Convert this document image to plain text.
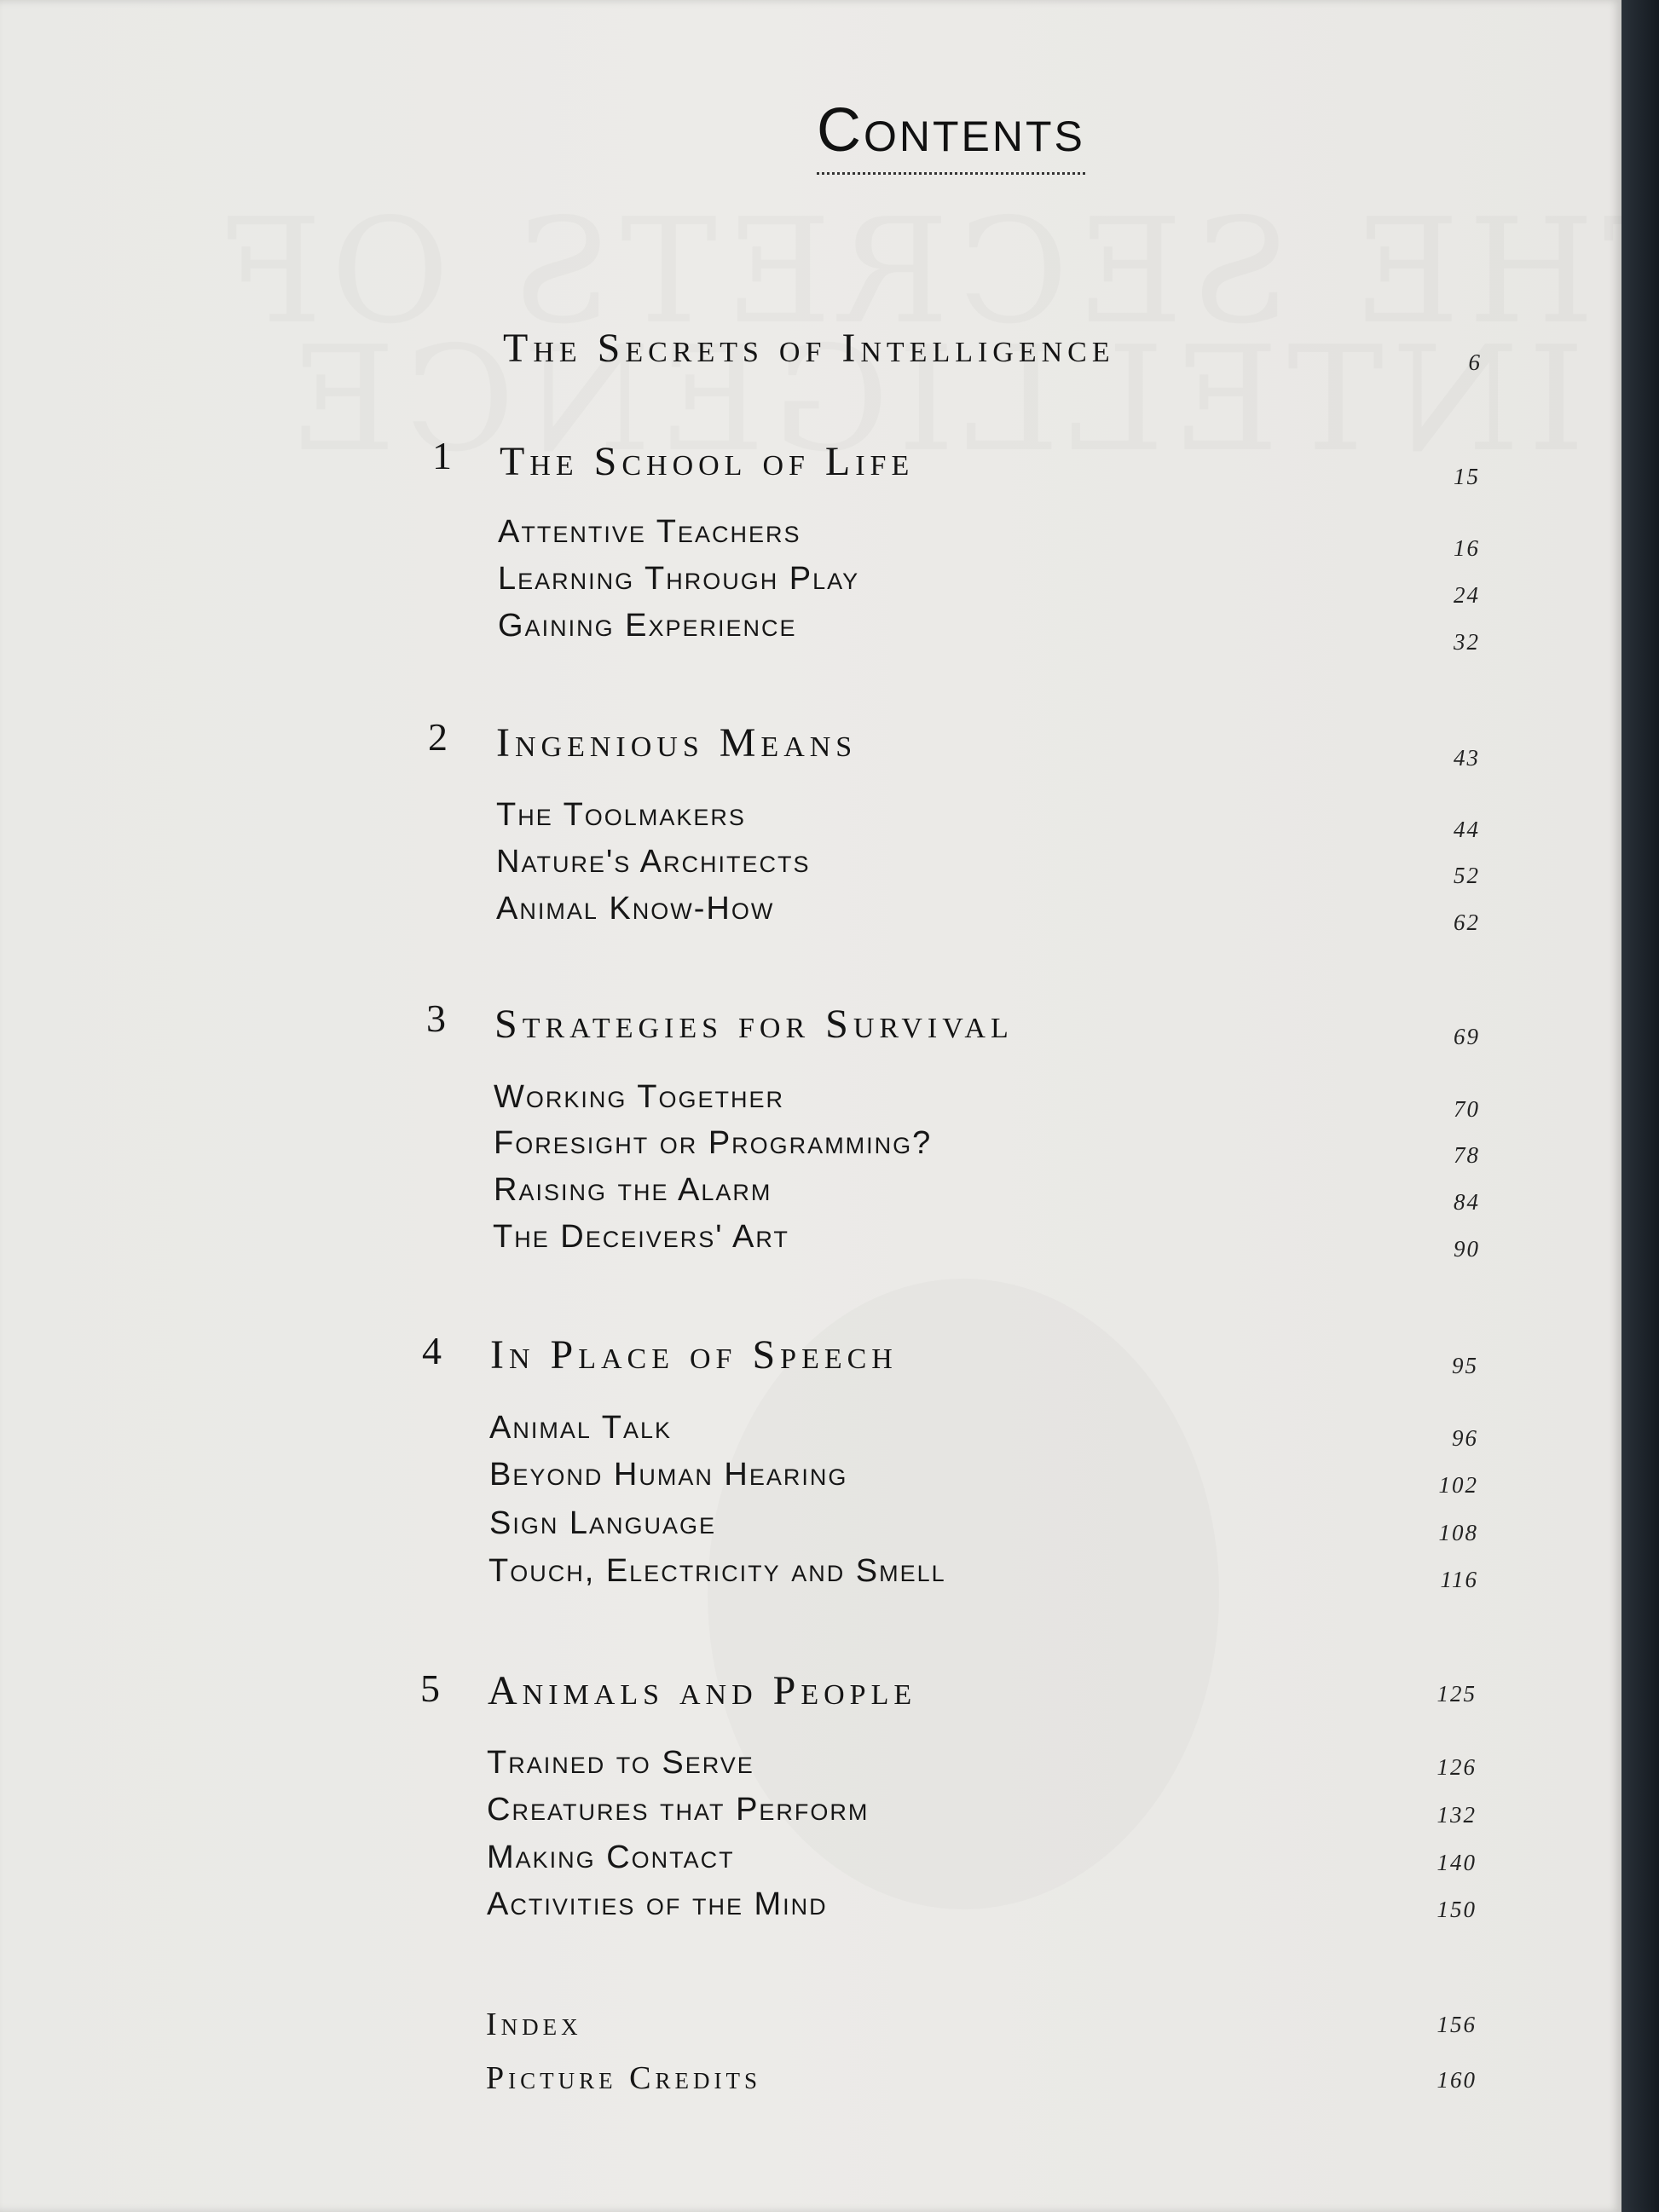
Contents
The Secrets of Intelligence	6
1 The School of Life	15
Attentive Teachers	16
Learning Through Play	24
Gaining Experience	32
2 Ingenious Means	43
The Toolmakers	44
Nature's Architects	52
Animal Know-How	62
3 Strategies for Survival	69
Working Together	70
Foresight or Programming?	78
Raising the Alarm	84
The Deceivers' Art	90
4 In Place of Speech	95
Animal Talk	96
Beyond Human Hearing	102
Sign Language	108
Touch, Electricity and Smell	116
5 Animals and People	125
Trained to Serve	126
Creatures that Perform	132
Making Contact	140
Activities of the Mind	150
Index	156
Picture Credits	160
